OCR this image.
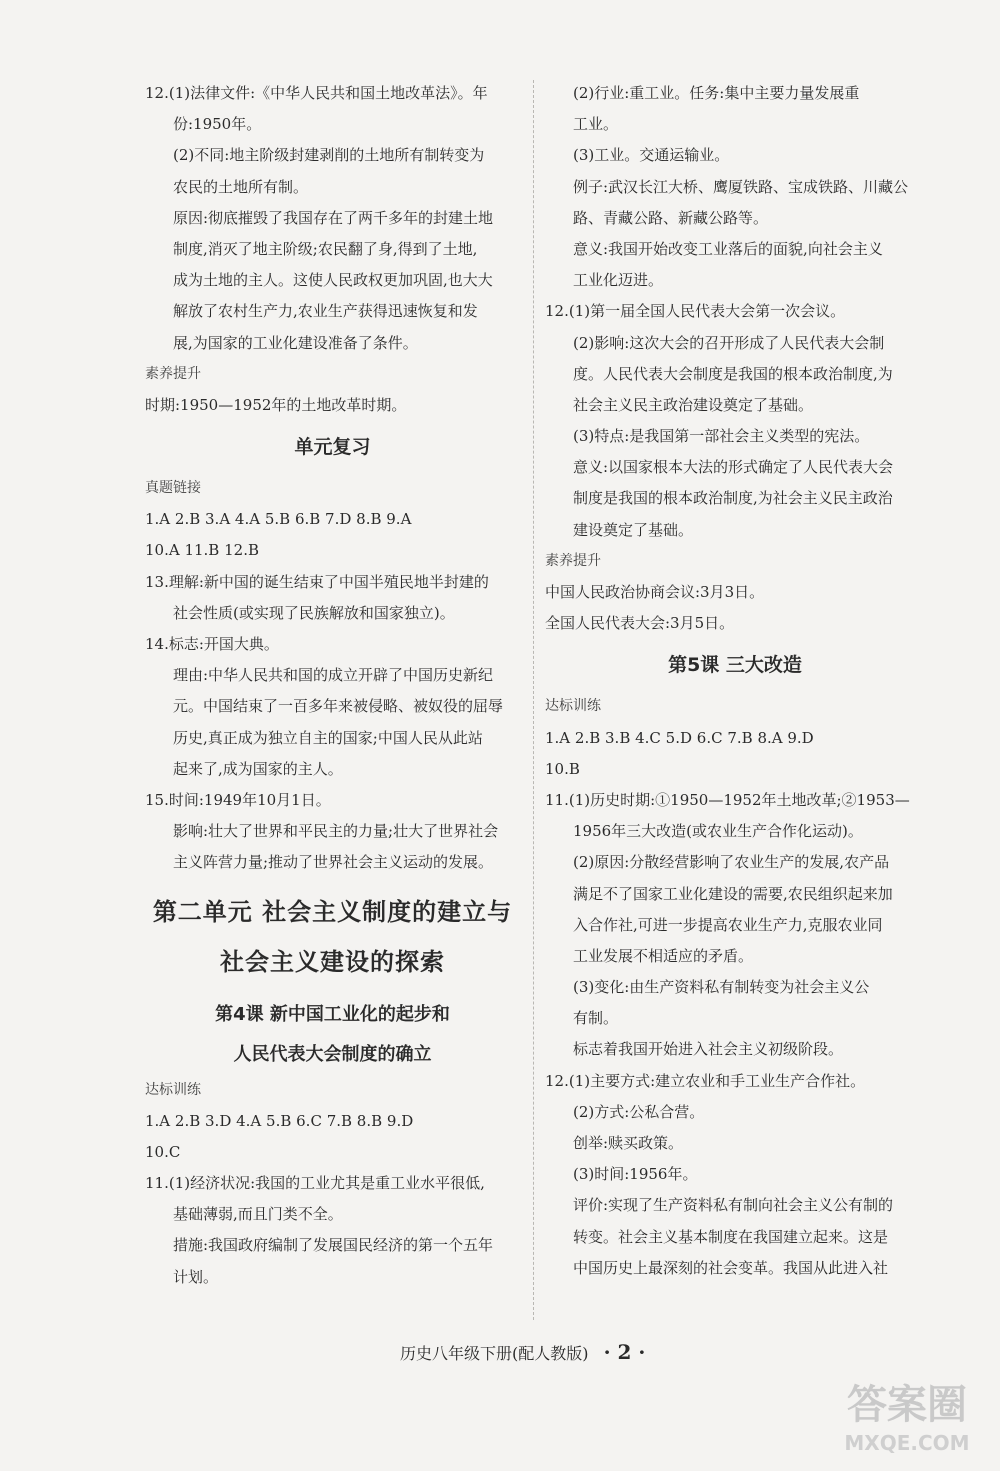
12.(1)法律文件:《中华人民共和国土地改革法》。年
份:1950年。
(2)不同:地主阶级封建剥削的土地所有制转变为
农民的土地所有制。
原因:彻底摧毁了我国存在了两千多年的封建土地
制度,消灭了地主阶级;农民翻了身,得到了土地,
成为土地的主人。这使人民政权更加巩固,也大大
解放了农村生产力,农业生产获得迅速恢复和发
展,为国家的工业化建设准备了条件。
素养提升
时期:1950—1952年的土地改革时期。
单元复习
真题链接
1.A 2.B 3.A 4.A 5.B 6.B 7.D 8.B 9.A
10.A 11.B 12.B
13.理解:新中国的诞生结束了中国半殖民地半封建的
社会性质(或实现了民族解放和国家独立)。
14.标志:开国大典。
理由:中华人民共和国的成立开辟了中国历史新纪
元。中国结束了一百多年来被侵略、被奴役的屈辱
历史,真正成为独立自主的国家;中国人民从此站
起来了,成为国家的主人。
15.时间:1949年10月1日。
影响:壮大了世界和平民主的力量;壮大了世界社会
主义阵营力量;推动了世界社会主义运动的发展。
第二单元 社会主义制度的建立与
社会主义建设的探索
第4课 新中国工业化的起步和
人民代表大会制度的确立
达标训练
1.A 2.B 3.D 4.A 5.B 6.C 7.B 8.B 9.D
10.C
11.(1)经济状况:我国的工业尤其是重工业水平很低,
基础薄弱,而且门类不全。
措施:我国政府编制了发展国民经济的第一个五年
计划。
(2)行业:重工业。任务:集中主要力量发展重
工业。
(3)工业。交通运输业。
例子:武汉长江大桥、鹰厦铁路、宝成铁路、川藏公
路、青藏公路、新藏公路等。
意义:我国开始改变工业落后的面貌,向社会主义
工业化迈进。
12.(1)第一届全国人民代表大会第一次会议。
(2)影响:这次大会的召开形成了人民代表大会制
度。人民代表大会制度是我国的根本政治制度,为
社会主义民主政治建设奠定了基础。
(3)特点:是我国第一部社会主义类型的宪法。
意义:以国家根本大法的形式确定了人民代表大会
制度是我国的根本政治制度,为社会主义民主政治
建设奠定了基础。
素养提升
中国人民政治协商会议:3月3日。
全国人民代表大会:3月5日。
第5课 三大改造
达标训练
1.A 2.B 3.B 4.C 5.D 6.C 7.B 8.A 9.D
10.B
11.(1)历史时期:①1950—1952年土地改革;②1953—
1956年三大改造(或农业生产合作化运动)。
(2)原因:分散经营影响了农业生产的发展,农产品
满足不了国家工业化建设的需要,农民组织起来加
入合作社,可进一步提高农业生产力,克服农业同
工业发展不相适应的矛盾。
(3)变化:由生产资料私有制转变为社会主义公
有制。
标志着我国开始进入社会主义初级阶段。
12.(1)主要方式:建立农业和手工业生产合作社。
(2)方式:公私合营。
创举:赎买政策。
(3)时间:1956年。
评价:实现了生产资料私有制向社会主义公有制的
转变。社会主义基本制度在我国建立起来。这是
中国历史上最深刻的社会变革。我国从此进入社
历史八年级下册(配人教版) · 2 ·
答案圈
MXQE.COM
